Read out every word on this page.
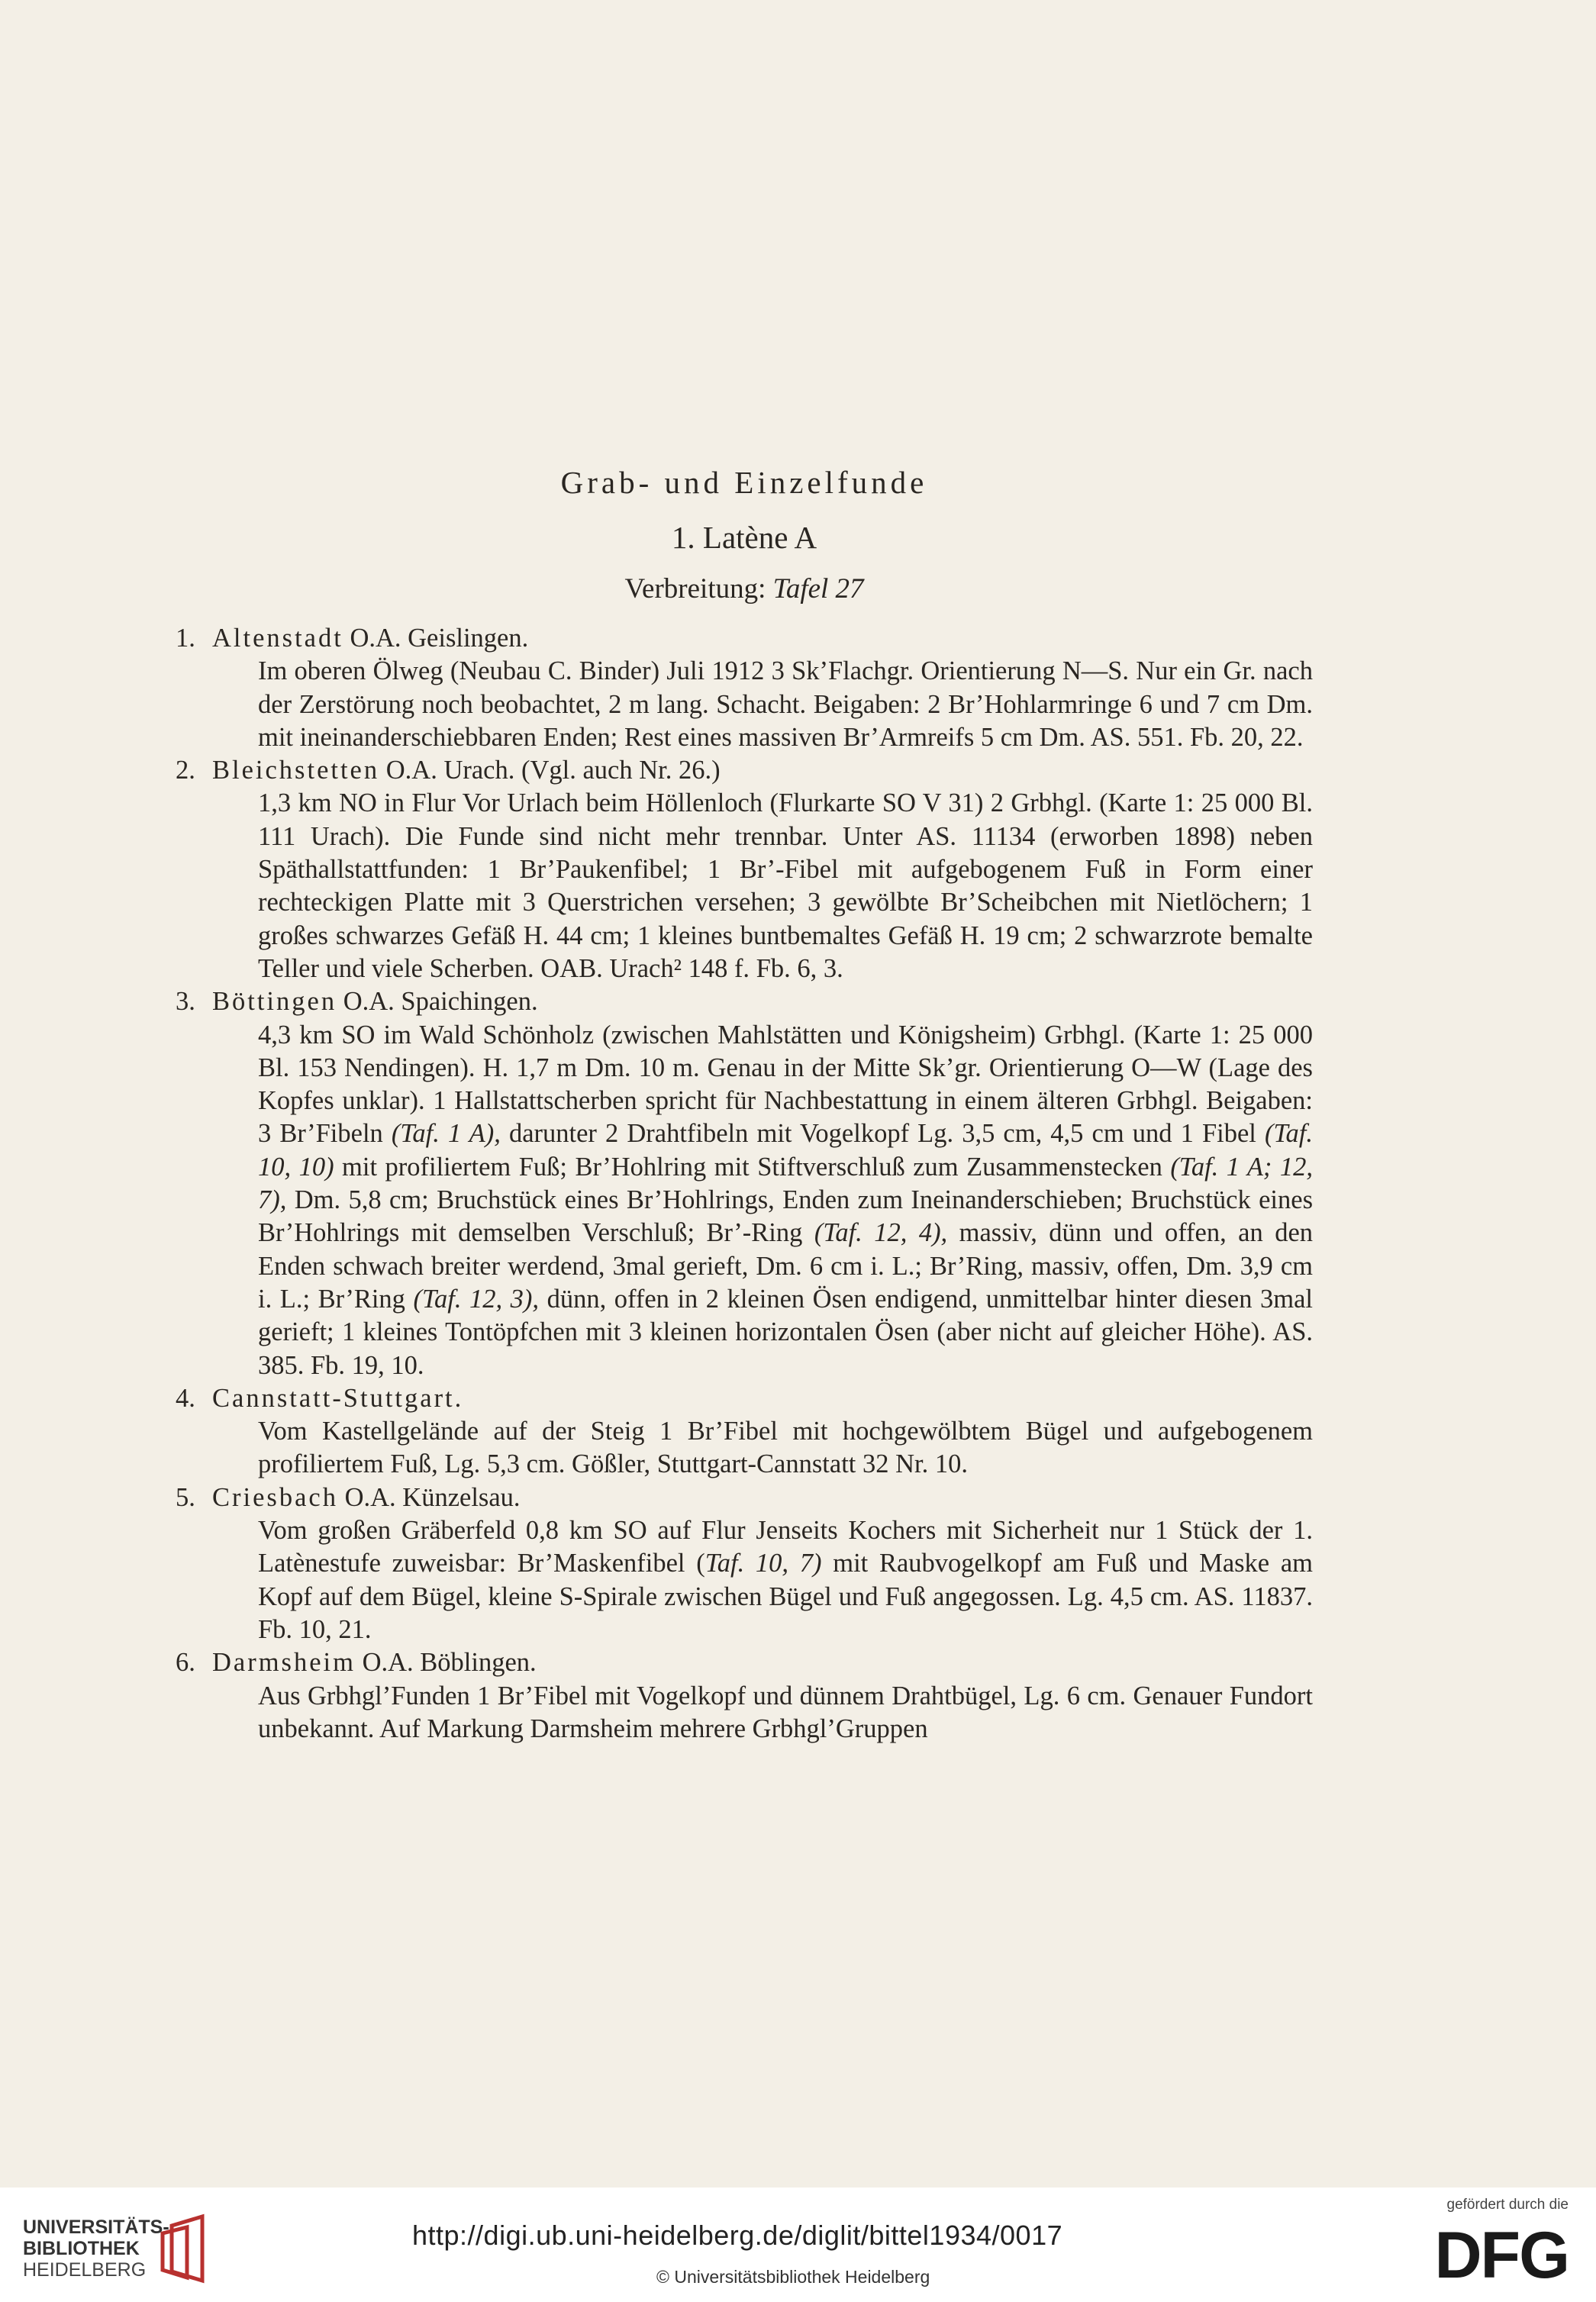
Grab- und Einzelfunde
1. Latène A
Verbreitung: Tafel 27
1. Altenstadt O.A. Geislingen.
Im oberen Ölweg (Neubau C. Binder) Juli 1912 3 Sk’Flachgr. Orientierung N—S. Nur ein Gr. nach der Zerstörung noch beobachtet, 2 m lang. Schacht. Beigaben: 2 Br’Hohlarmringe 6 und 7 cm Dm. mit ineinanderschiebbaren Enden; Rest eines massiven Br’Armreifs 5 cm Dm. AS. 551. Fb. 20, 22.
2. Bleichstetten O.A. Urach. (Vgl. auch Nr. 26.)
1,3 km NO in Flur Vor Urlach beim Höllenloch (Flurkarte SO V 31) 2 Grbhgl. (Karte 1: 25 000 Bl. 111 Urach). Die Funde sind nicht mehr trennbar. Unter AS. 11134 (erworben 1898) neben Späthallstattfunden: 1 Br’Paukenfibel; 1 Br’-Fibel mit aufgebogenem Fuß in Form einer rechteckigen Platte mit 3 Querstrichen versehen; 3 gewölbte Br’Scheibchen mit Nietlöchern; 1 großes schwarzes Gefäß H. 44 cm; 1 kleines buntbemaltes Gefäß H. 19 cm; 2 schwarzrote bemalte Teller und viele Scherben. OAB. Urach² 148 f. Fb. 6, 3.
3. Böttingen O.A. Spaichingen.
4,3 km SO im Wald Schönholz (zwischen Mahlstätten und Königsheim) Grbhgl. (Karte 1: 25 000 Bl. 153 Nendingen). H. 1,7 m Dm. 10 m. Genau in der Mitte Sk’gr. Orientierung O—W (Lage des Kopfes unklar). 1 Hallstattscherben spricht für Nachbestattung in einem älteren Grbhgl. Beigaben: 3 Br’Fibeln (Taf. 1 A), darunter 2 Drahtfibeln mit Vogelkopf Lg. 3,5 cm, 4,5 cm und 1 Fibel (Taf. 10, 10) mit profiliertem Fuß; Br’Hohlring mit Stiftverschluß zum Zusammenstecken (Taf. 1 A; 12, 7), Dm. 5,8 cm; Bruchstück eines Br’Hohlrings, Enden zum Ineinanderschieben; Bruchstück eines Br’Hohlrings mit demselben Verschluß; Br’-Ring (Taf. 12, 4), massiv, dünn und offen, an den Enden schwach breiter werdend, 3mal gerieft, Dm. 6 cm i. L.; Br’Ring, massiv, offen, Dm. 3,9 cm i. L.; Br’Ring (Taf. 12, 3), dünn, offen in 2 kleinen Ösen endigend, unmittelbar hinter diesen 3mal gerieft; 1 kleines Tontöpfchen mit 3 kleinen horizontalen Ösen (aber nicht auf gleicher Höhe). AS. 385. Fb. 19, 10.
4. Cannstatt-Stuttgart.
Vom Kastellgelände auf der Steig 1 Br’Fibel mit hochgewölbtem Bügel und aufgebogenem profiliertem Fuß, Lg. 5,3 cm. Gößler, Stuttgart-Cannstatt 32 Nr. 10.
5. Criesbach O.A. Künzelsau.
Vom großen Gräberfeld 0,8 km SO auf Flur Jenseits Kochers mit Sicherheit nur 1 Stück der 1. Latènestufe zuweisbar: Br’Maskenfibel (Taf. 10, 7) mit Raubvogelkopf am Fuß und Maske am Kopf auf dem Bügel, kleine S-Spirale zwischen Bügel und Fuß angegossen. Lg. 4,5 cm. AS. 11837. Fb. 10, 21.
6. Darmsheim O.A. Böblingen.
Aus Grbhgl’Funden 1 Br’Fibel mit Vogelkopf und dünnem Drahtbügel, Lg. 6 cm. Genauer Fundort unbekannt. Auf Markung Darmsheim mehrere Grbhgl’Gruppen
UNIVERSITÄTS-
BIBLIOTHEK
HEIDELBERG
http://digi.ub.uni-heidelberg.de/diglit/bittel1934/0017
© Universitätsbibliothek Heidelberg
gefördert durch die
DFG
